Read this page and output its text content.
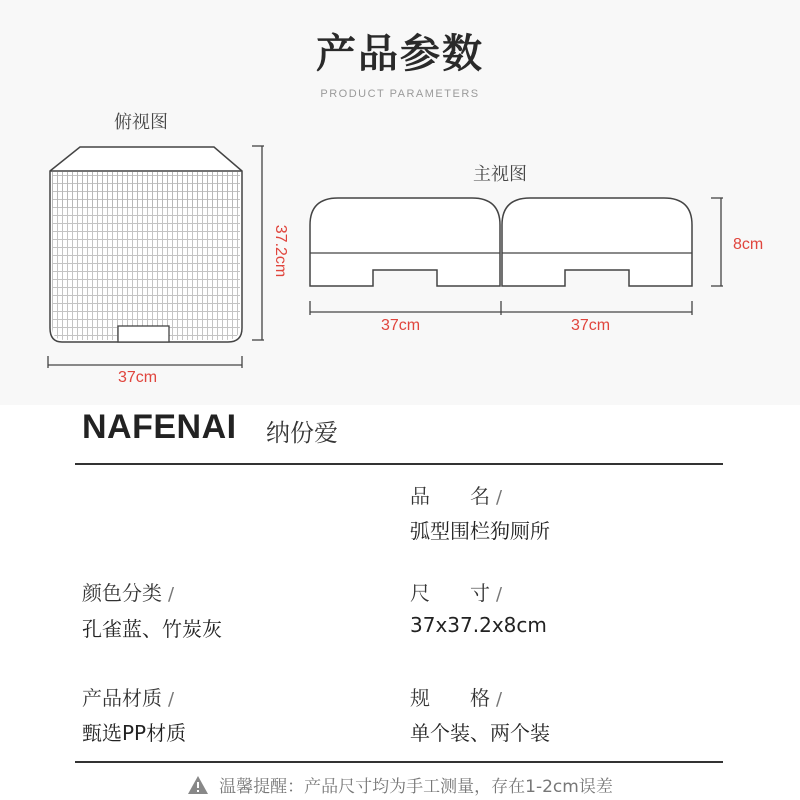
产品参数
PRODUCT PARAMETERS
俯视图
37cm
37.2cm
主视图
37cm	37cm
8cm
NAFENAI 纳份爱
品　　名 /
弧型围栏狗厕所
颜色分类 /
孔雀蓝、竹炭灰
尺　　寸 /
37x37.2x8cm
产品材质 /
甄选PP材质
规　　格 /
单个装、两个装
温馨提醒：产品尺寸均为手工测量，存在1-2cm误差
